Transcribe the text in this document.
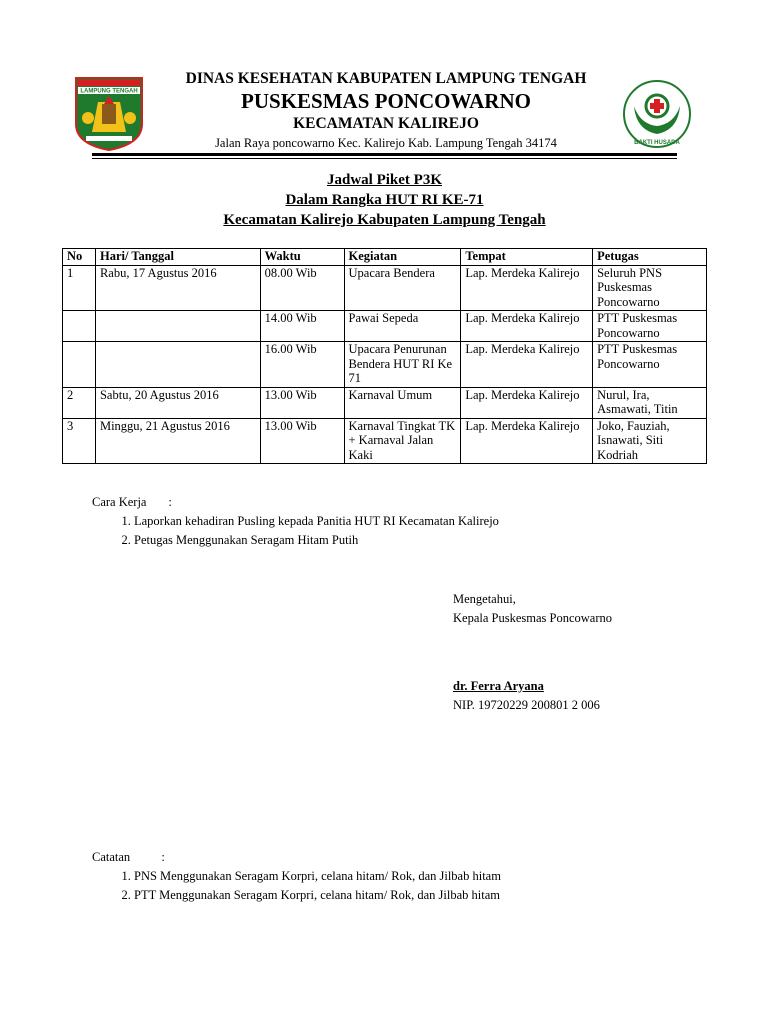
LAMPUNG TENGAH
BAKTI HUSADA
DINAS KESEHATAN KABUPATEN LAMPUNG TENGAH
PUSKESMAS PONCOWARNO
KECAMATAN KALIREJO
Jalan Raya poncowarno Kec. Kalirejo Kab. Lampung Tengah 34174
Jadwal Piket P3K
Dalam Rangka HUT RI KE-71
Kecamatan Kalirejo Kabupaten Lampung Tengah
No	Hari/ Tanggal	Waktu	Kegiatan	Tempat	Petugas
1	Rabu, 17 Agustus 2016	08.00 Wib	Upacara Bendera	Lap. Merdeka Kalirejo	Seluruh PNS Puskesmas Poncowarno
		14.00 Wib	Pawai Sepeda	Lap. Merdeka Kalirejo	PTT Puskesmas Poncowarno
		16.00 Wib	Upacara Penurunan Bendera HUT RI Ke 71	Lap. Merdeka Kalirejo	PTT Puskesmas Poncowarno
2	Sabtu, 20 Agustus 2016	13.00 Wib	Karnaval Umum	Lap. Merdeka Kalirejo	Nurul, Ira, Asmawati, Titin
3	Minggu, 21 Agustus 2016	13.00 Wib	Karnaval Tingkat TK + Karnaval Jalan Kaki	Lap. Merdeka Kalirejo	Joko, Fauziah, Isnawati, Siti Kodriah
Cara Kerja       :
1. Laporkan kehadiran Pusling kepada Panitia HUT RI Kecamatan Kalirejo
2. Petugas Menggunakan Seragam Hitam Putih
Mengetahui,
Kepala Puskesmas Poncowarno
dr. Ferra Aryana
NIP. 19720229 200801 2 006
Catatan          :
1. PNS Menggunakan Seragam Korpri, celana hitam/ Rok, dan Jilbab hitam
2. PTT Menggunakan Seragam Korpri, celana hitam/ Rok, dan Jilbab hitam
